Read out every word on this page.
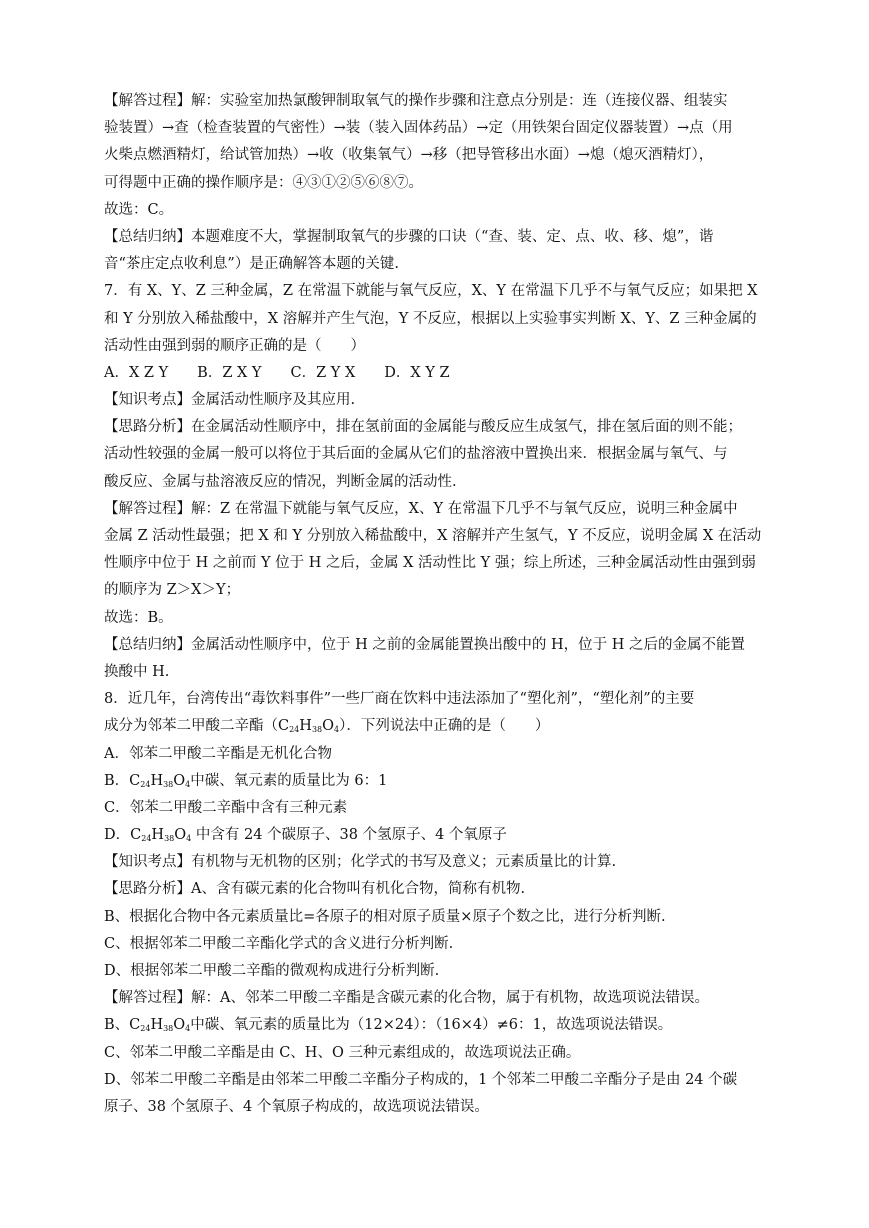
【解答过程】解：实验室加热氯酸钾制取氧气的操作步骤和注意点分别是：连（连接仪器、组装实
验装置）→查（检查装置的气密性）→装（装入固体药品）→定（用铁架台固定仪器装置）→点（用
火柴点燃酒精灯，给试管加热）→收（收集氧气）→移（把导管移出水面）→熄（熄灭酒精灯），
可得题中正确的操作顺序是：④③①②⑤⑥⑧⑦。
故选：C。
【总结归纳】本题难度不大，掌握制取氧气的步骤的口诀（“查、装、定、点、收、移、熄”，谐
音“茶庄定点收利息”）是正确解答本题的关键.
7．有 X、Y、Z 三种金属，Z 在常温下就能与氧气反应，X、Y 在常温下几乎不与氧气反应；如果把 X
和 Y 分别放入稀盐酸中，X 溶解并产生气泡，Y 不反应，根据以上实验事实判断 X、Y、Z 三种金属的
活动性由强到弱的顺序正确的是（　　）
A．X Z Y　　B．Z X Y　　C．Z Y X　　D．X Y Z
【知识考点】金属活动性顺序及其应用.
【思路分析】在金属活动性顺序中，排在氢前面的金属能与酸反应生成氢气，排在氢后面的则不能；
活动性较强的金属一般可以将位于其后面的金属从它们的盐溶液中置换出来．根据金属与氧气、与
酸反应、金属与盐溶液反应的情况，判断金属的活动性.
【解答过程】解：Z 在常温下就能与氧气反应，X、Y 在常温下几乎不与氧气反应，说明三种金属中
金属 Z 活动性最强；把 X 和 Y 分别放入稀盐酸中，X 溶解并产生氢气，Y 不反应，说明金属 X 在活动
性顺序中位于 H 之前而 Y 位于 H 之后，金属 X 活动性比 Y 强；综上所述，三种金属活动性由强到弱
的顺序为 Z＞X＞Y；
故选：B。
【总结归纳】金属活动性顺序中，位于 H 之前的金属能置换出酸中的 H，位于 H 之后的金属不能置
换酸中 H.
8．近几年，台湾传出“毒饮料事件”一些厂商在饮料中违法添加了“塑化剂”，“塑化剂”的主要
成分为邻苯二甲酸二辛酯$(C_{24}H_{38}O_4)$．下列说法中正确的是（　　）
A．邻苯二甲酸二辛酯是无机化合物
B．$C_{24}H_{38}O_4$中碳、氧元素的质量比为 6：1
C．邻苯二甲酸二辛酯中含有三种元素
D．$C_{24}H_{38}O_4$ 中含有 24 个碳原子、38 个氢原子、4 个氧原子
【知识考点】有机物与无机物的区别；化学式的书写及意义；元素质量比的计算.
【思路分析】A、含有碳元素的化合物叫有机化合物，简称有机物.
B、根据化合物中各元素质量比=各原子的相对原子质量×原子个数之比，进行分析判断.
C、根据邻苯二甲酸二辛酯化学式的含义进行分析判断.
D、根据邻苯二甲酸二辛酯的微观构成进行分析判断.
【解答过程】解：A、邻苯二甲酸二辛酯是含碳元素的化合物，属于有机物，故选项说法错误。
B、$C_{24}H_{38}O_4$中碳、氧元素的质量比为（12×24）：（16×4）≠6：1，故选项说法错误。
C、邻苯二甲酸二辛酯是由 C、H、O 三种元素组成的，故选项说法正确。
D、邻苯二甲酸二辛酯是由邻苯二甲酸二辛酯分子构成的，1 个邻苯二甲酸二辛酯分子是由 24 个碳
原子、38 个氢原子、4 个氧原子构成的，故选项说法错误。
